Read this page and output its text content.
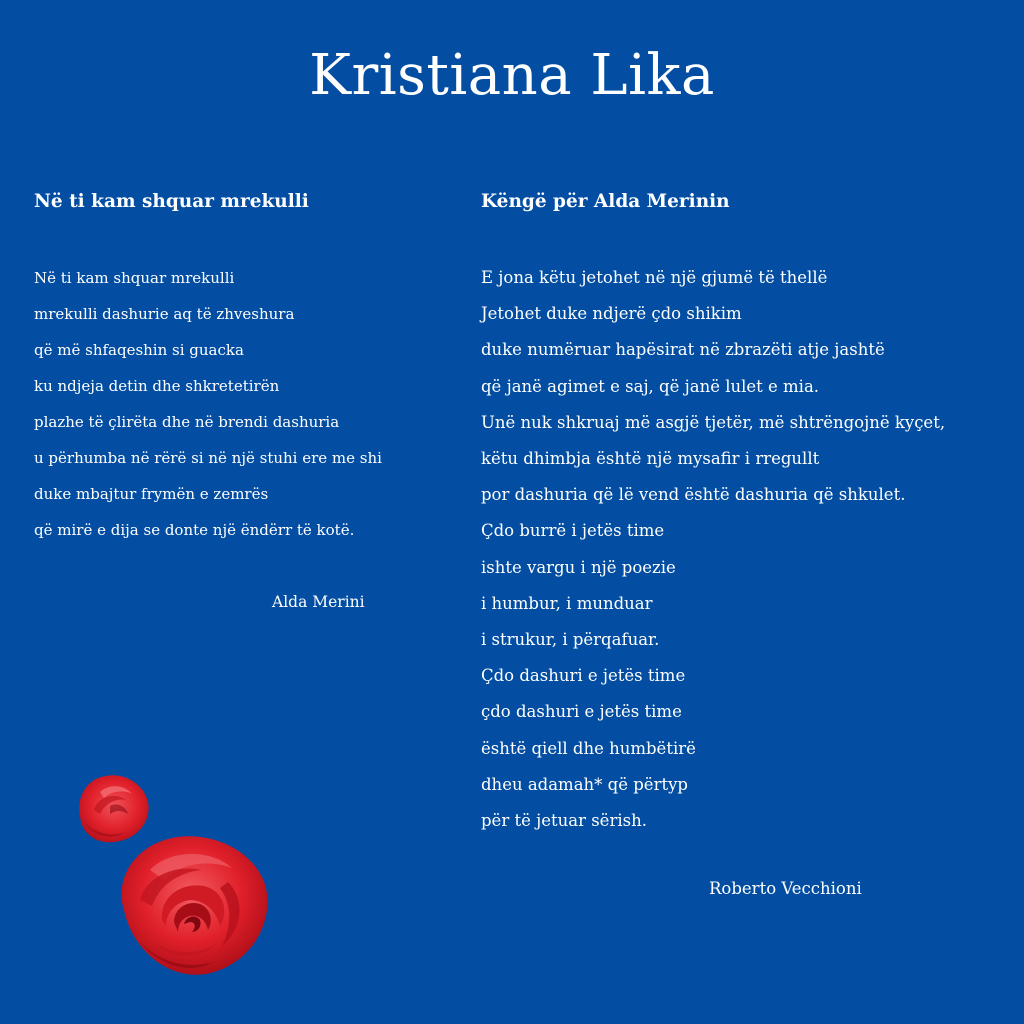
Kristiana Lika
Në ti kam shquar mrekulli
Në ti kam shquar mrekulli
mrekulli dashurie aq të zhveshura
që më shfaqeshin si guacka
ku ndjeja detin dhe shkretetirën
plazhe të çlirëta dhe në brendi dashuria
u përhumba në rërë si në një stuhi ere me shi
duke mbajtur frymën e zemrës
që mirë e dija se donte një ëndërr të kotë.
Alda Merini
Këngë për Alda Merinin
E jona këtu jetohet në një gjumë të thellë
Jetohet duke ndjerë çdo shikim
duke numëruar hapësirat në zbrazëti atje jashtë
që janë agimet e saj, që janë lulet e mia.
Unë nuk shkruaj më asgjë tjetër, më shtrëngojnë kyçet,
këtu dhimbja është një mysafir i rregullt
por dashuria që lë vend është dashuria që shkulet.
Çdo burrë i jetës time
ishte vargu i një poezie
i humbur, i munduar
i strukur, i përqafuar.
Çdo dashuri e jetës time
çdo dashuri e jetës time
është qiell dhe humbëtirë
dheu adamah* që përtyp
për të jetuar sërish.
Roberto Vecchioni
